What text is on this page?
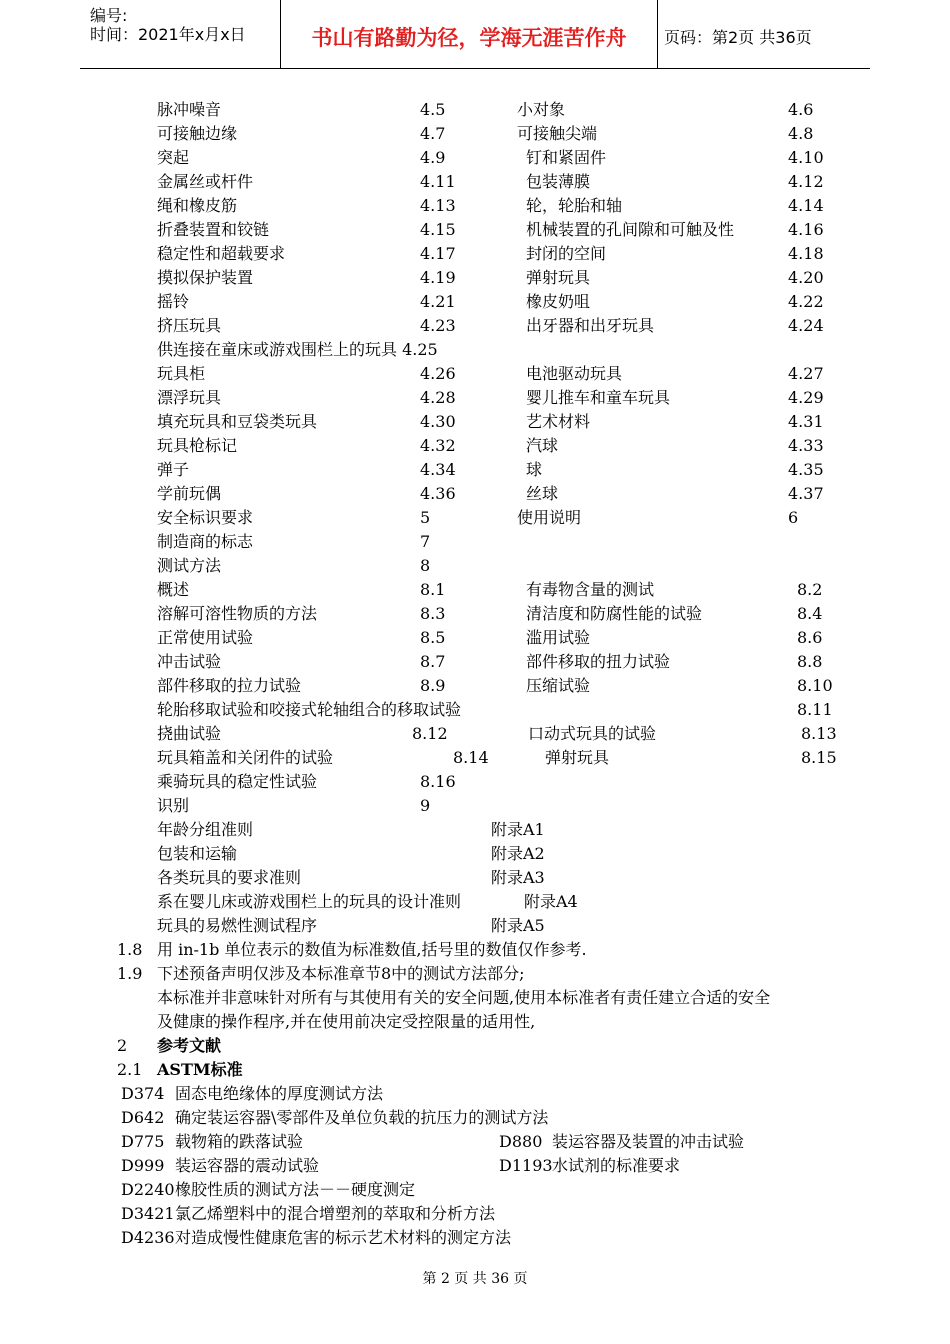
编号:
时间：2021年x月x日	书山有路勤为径，学海无涯苦作舟	页码：第2页 共36页
脉冲噪音	4.5	小对象	4.6
可接触边缘	4.7	可接触尖端	4.8
突起	4.9	钉和紧固件	4.10
金属丝或杆件	4.11	包装薄膜	4.12
绳和橡皮筋	4.13	轮，轮胎和轴	4.14
折叠装置和铰链	4.15	机械装置的孔间隙和可触及性	4.16
稳定性和超载要求	4.17	封闭的空间	4.18
摸拟保护装置	4.19	弹射玩具	4.20
摇铃	4.21	橡皮奶咀	4.22
挤压玩具	4.23	出牙器和出牙玩具	4.24
供连接在童床或游戏围栏上的玩具 4.25
玩具柜	4.26	电池驱动玩具	4.27
漂浮玩具	4.28	婴儿推车和童车玩具	4.29
填充玩具和豆袋类玩具	4.30	艺术材料	4.31
玩具枪标记	4.32	汽球	4.33
弹子	4.34	球	4.35
学前玩偶	4.36	丝球	4.37
安全标识要求	5	使用说明	6
制造商的标志	7
测试方法	8
概述	8.1	有毒物含量的测试	8.2
溶解可溶性物质的方法	8.3	清洁度和防腐性能的试验	8.4
正常使用试验	8.5	滥用试验	8.6
冲击试验	8.7	部件移取的扭力试验	8.8
部件移取的拉力试验	8.9	压缩试验	8.10
轮胎移取试验和咬接式轮轴组合的移取试验	8.11
挠曲试验	8.12	口动式玩具的试验	8.13
玩具箱盖和关闭件的试验	8.14	弹射玩具	8.15
乘骑玩具的稳定性试验	8.16
识别	9
年龄分组准则	附录A1
包装和运输	附录A2
各类玩具的要求准则	附录A3
系在婴儿床或游戏围栏上的玩具的设计准则	附录A4
玩具的易燃性测试程序	附录A5
1.8 用 in-1b 单位表示的数值为标准数值,括号里的数值仅作参考.
1.9 下述预备声明仅涉及本标准章节8中的测试方法部分;
本标准并非意味针对所有与其使用有关的安全问题,使用本标准者有责任建立合适的安全
及健康的操作程序,并在使用前决定受控限量的适用性,
2 参考文献
2.1 ASTM标准
D374 固态电绝缘体的厚度测试方法
D642 确定装运容器\零部件及单位负载的抗压力的测试方法
D775 载物箱的跌落试验	D880 装运容器及装置的冲击试验
D999 装运容器的震动试验	D1193 水试剂的标准要求
D2240 橡胶性质的测试方法－－硬度测定
D3421 氯乙烯塑料中的混合增塑剂的萃取和分析方法
D4236 对造成慢性健康危害的标示艺术材料的测定方法
第 2 页 共 36 页
